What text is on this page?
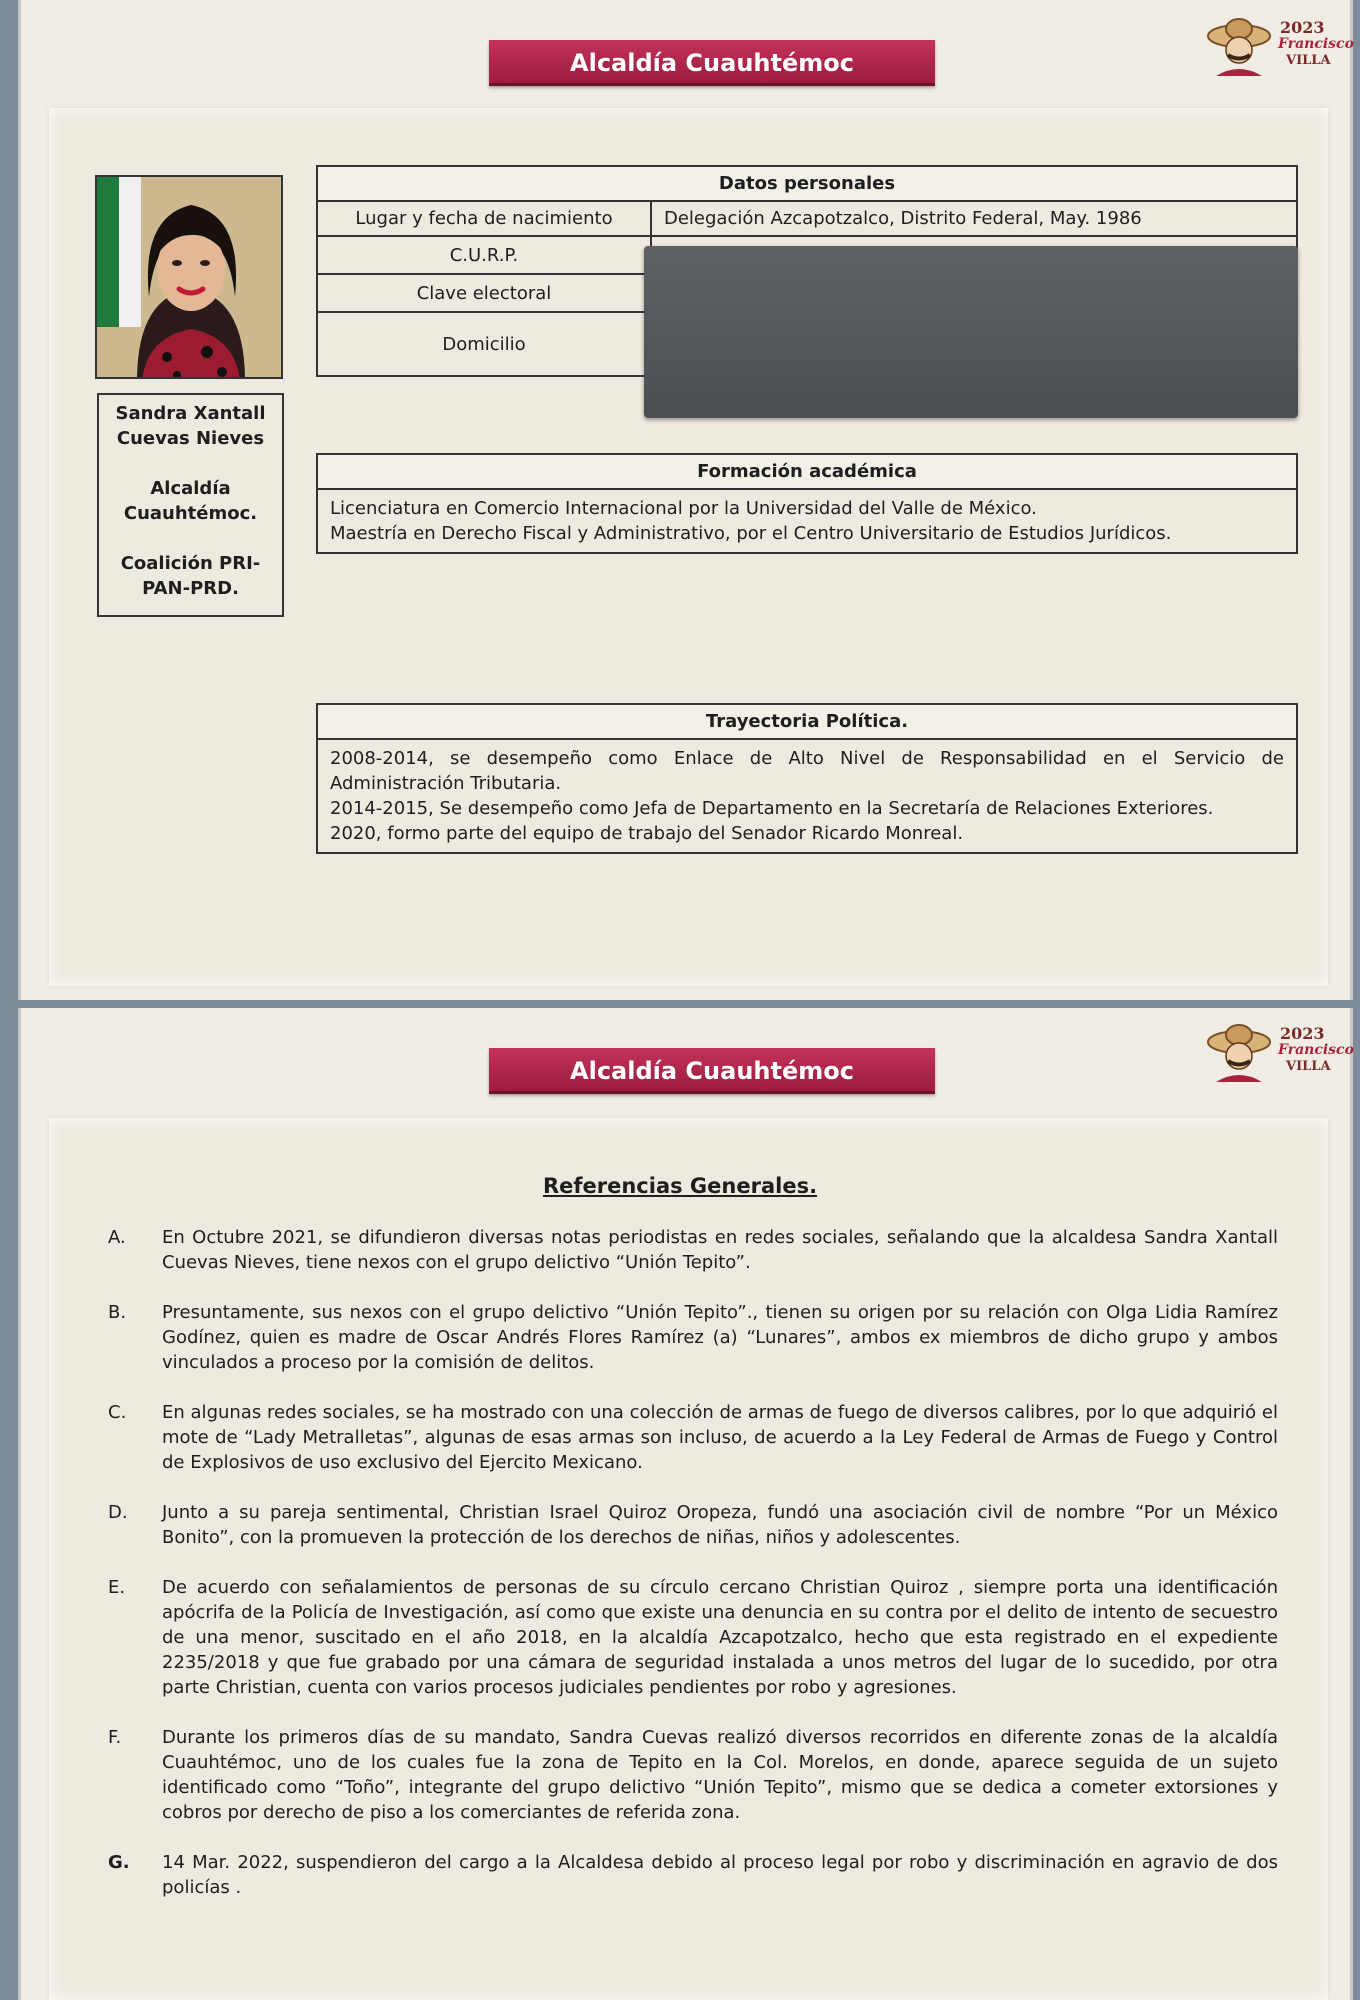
Alcaldía Cuauhtémoc
2023
Francisco
VILLA
Sandra Xantall Cuevas Nieves
Alcaldía Cuauhtémoc.
Coalición PRI-PAN-PRD.
Datos personales	
Lugar y fecha de nacimiento	Delegación Azcapotzalco, Distrito Federal, May. 1986
C.U.R.P.	
Clave electoral	
Domicilio	
Formación académica
Licenciatura en Comercio Internacional por la Universidad del Valle de México.
Maestría en Derecho Fiscal y Administrativo, por el Centro Universitario de Estudios Jurídicos.
Trayectoria Política.
2008-2014, se desempeño como Enlace de Alto Nivel de Responsabilidad en el Servicio de Administración Tributaria.
2014-2015, Se desempeño como Jefa de Departamento en la Secretaría de Relaciones Exteriores.
2020, formo parte del equipo de trabajo del Senador Ricardo Monreal.
Alcaldía Cuauhtémoc
2023
Francisco
VILLA
Referencias Generales.
A.	En Octubre 2021, se difundieron diversas notas periodistas en redes sociales, señalando que la alcaldesa Sandra Xantall Cuevas Nieves, tiene nexos con el grupo delictivo “Unión Tepito”.
B.	Presuntamente, sus nexos con el grupo delictivo “Unión Tepito”., tienen su origen por su relación con Olga Lidia Ramírez Godínez, quien es madre de Oscar Andrés Flores Ramírez (a) “Lunares”, ambos ex miembros de dicho grupo y ambos vinculados a proceso por la comisión de delitos.
C.	En algunas redes sociales, se ha mostrado con una colección de armas de fuego de diversos calibres, por lo que adquirió el mote de “Lady Metralletas”, algunas de esas armas son incluso, de acuerdo a la Ley Federal de Armas de Fuego y Control de Explosivos de uso exclusivo del Ejercito Mexicano.
D.	Junto a su pareja sentimental, Christian Israel Quiroz Oropeza, fundó una asociación civil de nombre “Por un México Bonito”, con la promueven la protección de los derechos de niñas, niños y adolescentes.
E.	De acuerdo con señalamientos de personas de su círculo cercano Christian Quiroz , siempre porta una identificación apócrifa de la Policía de Investigación, así como que existe una denuncia en su contra por el delito de intento de secuestro de una menor, suscitado en el año 2018, en la alcaldía Azcapotzalco, hecho que esta registrado en el expediente 2235/2018 y que fue grabado por una cámara de seguridad instalada a unos metros del lugar de lo sucedido, por otra parte Christian, cuenta con varios procesos judiciales pendientes por robo y agresiones.
F.	Durante los primeros días de su mandato, Sandra Cuevas realizó diversos recorridos en diferente zonas de la alcaldía Cuauhtémoc, uno de los cuales fue la zona de Tepito en la Col. Morelos, en donde, aparece seguida de un sujeto identificado como “Toño”, integrante del grupo delictivo “Unión Tepito”, mismo que se dedica a cometer extorsiones y cobros por derecho de piso a los comerciantes de referida zona.
G.	14 Mar. 2022, suspendieron del cargo a la Alcaldesa debido al proceso legal por robo y discriminación en agravio de dos policías .
